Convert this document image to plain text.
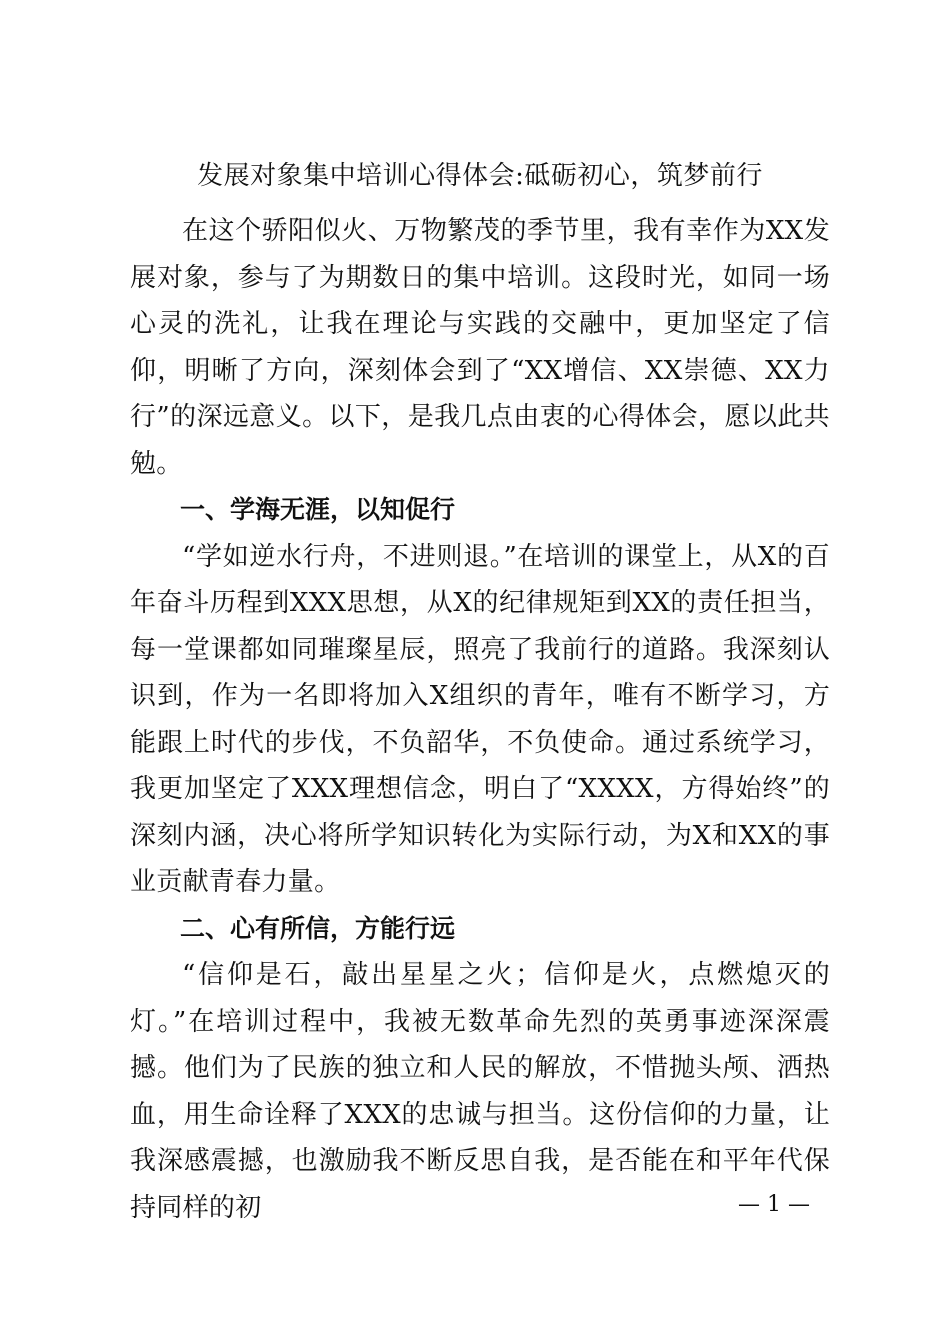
发展对象集中培训心得体会:砥砺初心，筑梦前行

在这个骄阳似火、万物繁茂的季节里，我有幸作为XX发展对象，参与了为期数日的集中培训。这段时光，如同一场心灵的洗礼，让我在理论与实践的交融中，更加坚定了信仰，明晰了方向，深刻体会到了“XX增信、XX崇德、XX力行”的深远意义。以下，是我几点由衷的心得体会，愿以此共勉。

一、学海无涯，以知促行

“学如逆水行舟，不进则退。”在培训的课堂上，从X的百年奋斗历程到XXX思想，从X的纪律规矩到XX的责任担当，每一堂课都如同璀璨星辰，照亮了我前行的道路。我深刻认识到，作为一名即将加入X组织的青年，唯有不断学习，方能跟上时代的步伐，不负韶华，不负使命。通过系统学习，我更加坚定了XXX理想信念，明白了“XXXX，方得始终”的深刻内涵，决心将所学知识转化为实际行动，为X和XX的事业贡献青春力量。

二、心有所信，方能行远

“信仰是石，敲出星星之火；信仰是火，点燃熄灭的灯。”在培训过程中，我被无数革命先烈的英勇事迹深深震撼。他们为了民族的独立和人民的解放，不惜抛头颅、洒热血，用生命诠释了XXX的忠诚与担当。这份信仰的力量，让我深感震撼，也激励我不断反思自我，是否能在和平年代保持同样的初	— 1 —
